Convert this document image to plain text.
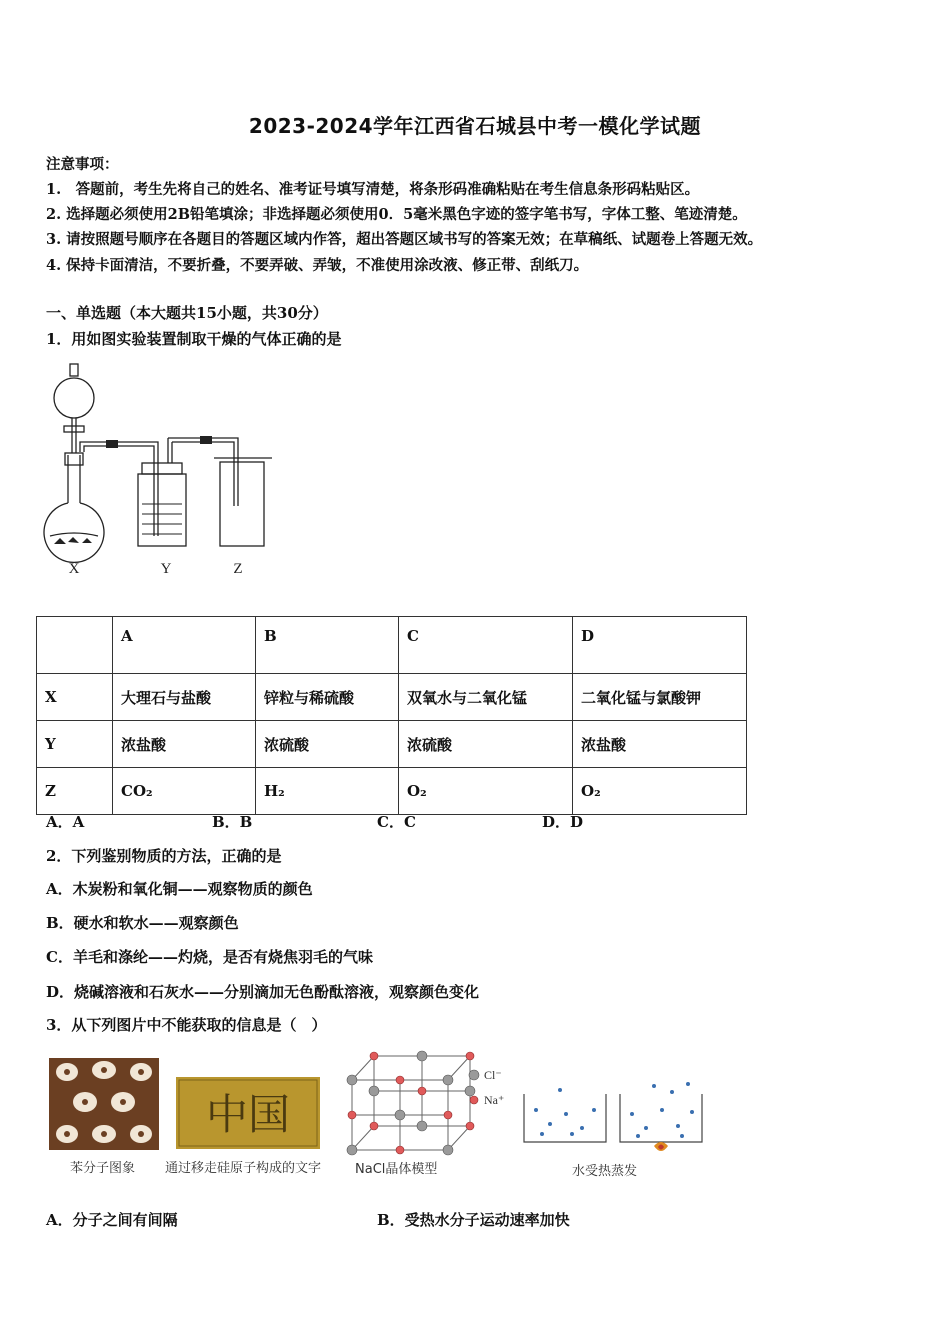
2023-2024学年江西省石城县中考一模化学试题
注意事项：
1.　答题前，考生先将自己的姓名、准考证号填写清楚，将条形码准确粘贴在考生信息条形码粘贴区。
2. 选择题必须使用2B铅笔填涂；非选择题必须使用0．5毫米黑色字迹的签字笔书写，字体工整、笔迹清楚。
3. 请按照题号顺序在各题目的答题区域内作答，超出答题区域书写的答案无效；在草稿纸、试题卷上答题无效。
4. 保持卡面清洁，不要折叠，不要弄破、弄皱，不准使用涂改液、修正带、刮纸刀。
一、单选题（本大题共15小题，共30分）
1．用如图实验装置制取干燥的气体正确的是
X	Y	Z
	A	B	C	D
X	大理石与盐酸	锌粒与稀硫酸	双氧水与二氧化锰	二氧化锰与氯酸钾
Y	浓盐酸	浓硫酸	浓硫酸	浓盐酸
Z	CO₂	H₂	O₂	O₂
A．A	B．B	C．C	D．D
2．下列鉴别物质的方法，正确的是
A．木炭粉和氧化铜——观察物质的颜色
B．硬水和软水——观察颜色
C．羊毛和涤纶——灼烧，是否有烧焦羽毛的气味
D．烧碱溶液和石灰水——分别滴加无色酚酞溶液，观察颜色变化
3．从下列图片中不能获取的信息是（　）
苯分子图象
中国
通过移走硅原子构成的文字
Cl⁻
Na⁺
NaCl晶体模型	水受热蒸发
A．分子之间有间隔	B．受热水分子运动速率加快
